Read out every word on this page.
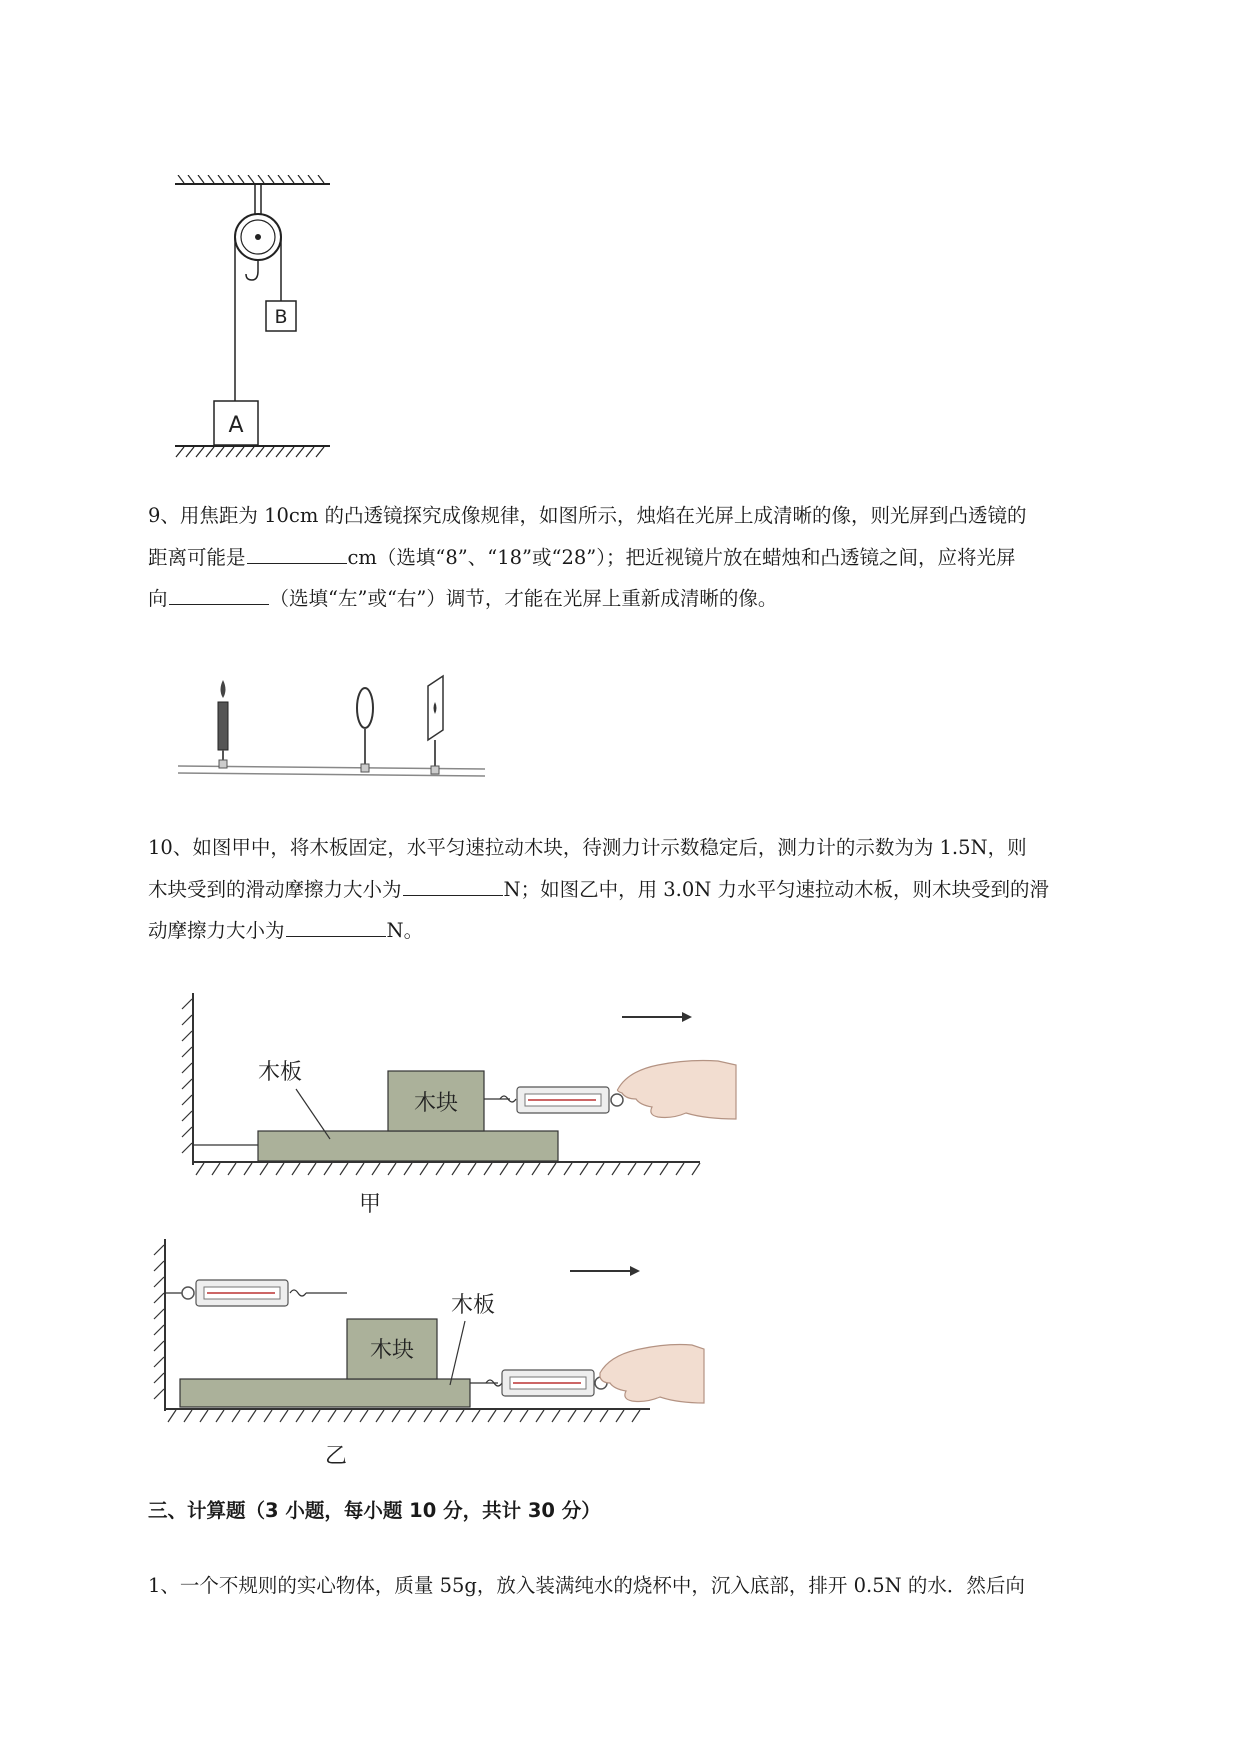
B
A
9、用焦距为 10cm 的凸透镜探究成像规律，如图所示，烛焰在光屏上成清晰的像，则光屏到凸透镜的
距离可能是	cm（选填“8”、“18”或“28”）；把近视镜片放在蜡烛和凸透镜之间，应将光屏
向	（选填“左”或“右”）调节，才能在光屏上重新成清晰的像。
10、如图甲中，将木板固定，水平匀速拉动木块，待测力计示数稳定后，测力计的示数为为 1.5N，则
木块受到的滑动摩擦力大小为	N；如图乙中，用 3.0N 力水平匀速拉动木板，则木块受到的滑
动摩擦力大小为	N。
木块
木板
甲
木块
木板
乙
三、计算题（3 小题，每小题 10 分，共计 30 分）
1、一个不规则的实心物体，质量 55g，放入装满纯水的烧杯中，沉入底部，排开 0.5N 的水．然后向
